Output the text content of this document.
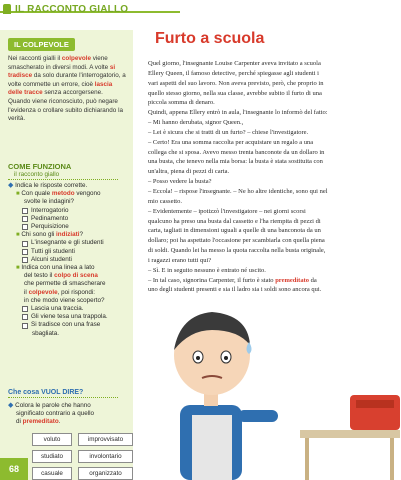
IL RACCONTO GIALLO
IL COLPEVOLE
Nei racconti gialli il colpevole viene smascherato in diversi modi. A volte si tradisce da solo durante l'interrogatorio, a volte commette un errore, cioè lascia delle tracce senza accorgersene. Quando viene riconosciuto, può negare l'evidenza o crollare subito dichiarando la verità.
COME FUNZIONA
il racconto giallo
◆ Indica le risposte corrette.
■ Con quale metodo vengono
svolte le indagini?
Interrogatorio
Pedinamento
Perquisizione
■ Chi sono gli indiziati?
L'insegnante e gli studenti
Tutti gli studenti
Alcuni studenti
■ Indica con una linea a lato
del testo il colpo di scena
che permette di smascherare
il colpevole, poi rispondi:
in che modo viene scoperto?
Lascia una traccia.
Gli viene tesa una trappola.
Si tradisce con una frase
sbagliata.
Che cosa VUOL DIRE?
◆ Colora le parole che hanno
significato contrario a quello
di premeditato.
voluto	improvvisato
studiato	involontario
casuale	organizzato
68
Furto a scuola
Quel giorno, l'insegnante Louise Carpenter aveva invitato a scuola
Ellery Queen, il famoso detective, perché spiegasse agli studenti i
vari aspetti del suo lavoro. Non aveva previsto, però, che proprio in
quello stesso giorno, nella sua classe, avrebbe subito il furto di una
piccola somma di denaro.
Quindi, appena Ellery entrò in aula, l'insegnante lo informò del fatto:
– Mi hanno derubata, signor Queen.,
– Lei è sicura che si tratti di un furto? – chiese l'investigatore.
– Certo! Era una somma raccolta per acquistare un regalo a una
collega che si sposa. Avevo messo trenta banconote da un dollaro in
una busta, che tenevo nella mia borsa: la busta è stata sostituita con
un'altra, piena di pezzi di carta.
– Posso vedere la busta?
– Eccola! – rispose l'insegnante. – Ne ho altre identiche, sono qui nel
mio cassetto.
– Evidentemente – ipotizzò l'investigatore – nei giorni scorsi
qualcuno ha preso una busta dal cassetto e l'ha riempita di pezzi di
carta, tagliati in dimensioni uguali a quelle di una banconota da un
dollaro; poi ha aspettato l'occasione per scambiarla con quella piena
di soldi. Quando lei ha messo la quota raccolta nella busta originale,
i ragazzi erano tutti qui?
– Sì. E in seguito nessuno è entrato né uscito.
– In tal caso, signorina Carpenter, il furto è stato premeditato da
uno degli studenti presenti e sia il ladro sia i soldi sono ancora qui.
